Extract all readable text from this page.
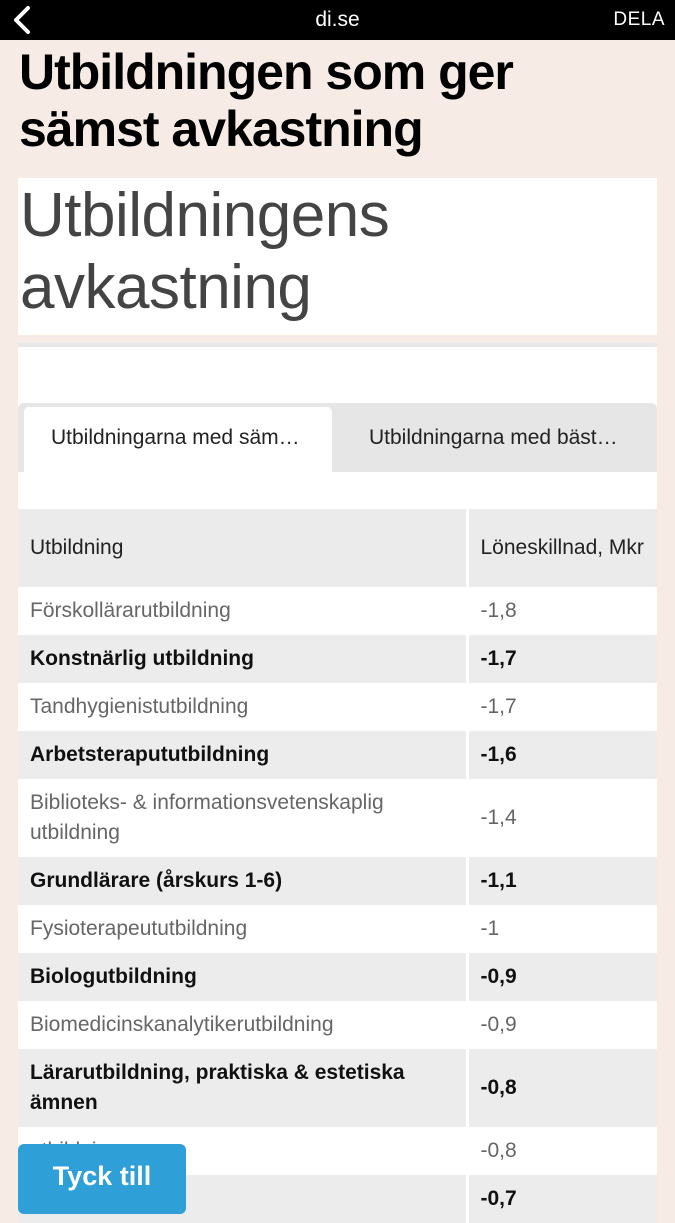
di.se	DELA
Utbildningen som ger sämst avkastning
Utbildningens avkastning
Utbildningarna med säm…	Utbildningarna med bäst…
Utbildning	Löneskillnad, Mkr
Förskollärarutbildning	-1,8
Konstnärlig utbildning	-1,7
Tandhygienistutbildning	-1,7
Arbetsterapututbildning	-1,6
Biblioteks- & informationsvetenskaplig utbildning	-1,4
Grundlärare (årskurs 1-6)	-1,1
Fysioterapeututbildning	-1
Biologutbildning	-0,9
Biomedicinskanalytikerutbildning	-0,9
Lärarutbildning, praktiska & estetiska ämnen	-0,8
	-0,8
	-0,7
Tyck till
